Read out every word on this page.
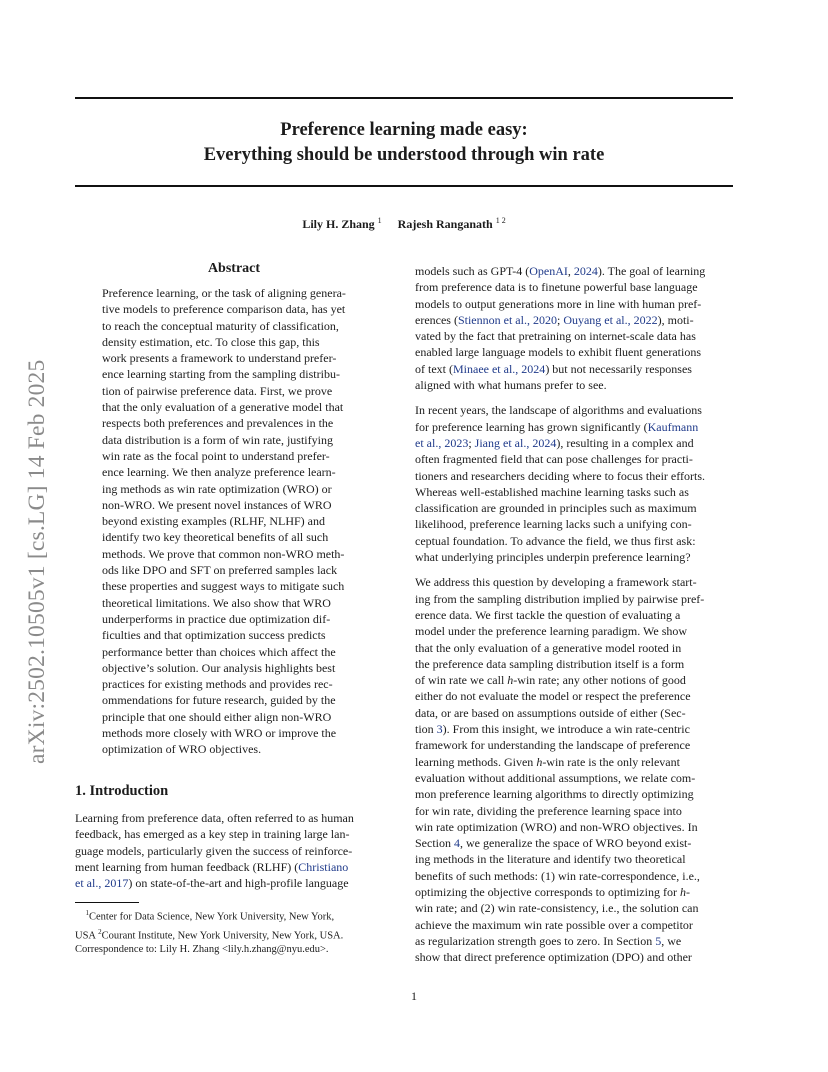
arXiv:2502.10505v1 [cs.LG] 14 Feb 2025
Preference learning made easy:
Everything should be understood through win rate
Lily H. Zhang $^1$ Rajesh Ranganath $^{1 2}$
Abstract
Preference learning, or the task of aligning genera-
tive models to preference comparison data, has yet
to reach the conceptual maturity of classification,
density estimation, etc. To close this gap, this
work presents a framework to understand prefer-
ence learning starting from the sampling distribu-
tion of pairwise preference data. First, we prove
that the only evaluation of a generative model that
respects both preferences and prevalences in the
data distribution is a form of win rate, justifying
win rate as the focal point to understand prefer-
ence learning. We then analyze preference learn-
ing methods as win rate optimization (WRO) or
non-WRO. We present novel instances of WRO
beyond existing examples (RLHF, NLHF) and
identify two key theoretical benefits of all such
methods. We prove that common non-WRO meth-
ods like DPO and SFT on preferred samples lack
these properties and suggest ways to mitigate such
theoretical limitations. We also show that WRO
underperforms in practice due optimization dif-
ficulties and that optimization success predicts
performance better than choices which affect the
objective’s solution. Our analysis highlights best
practices for existing methods and provides rec-
ommendations for future research, guided by the
principle that one should either align non-WRO
methods more closely with WRO or improve the
optimization of WRO objectives.
1. Introduction
Learning from preference data, often referred to as human
feedback, has emerged as a key step in training large lan-
guage models, particularly given the success of reinforce-
ment learning from human feedback (RLHF) (Christiano
et al., 2017) on state-of-the-art and high-profile language
 $^1$Center for Data Science, New York University, New York,
USA $^2$Courant Institute, New York University, New York, USA.
Correspondence to: Lily H. Zhang <lily.h.zhang@nyu.edu>.
models such as GPT-4 (OpenAI, 2024). The goal of learning
from preference data is to finetune powerful base language
models to output generations more in line with human pref-
erences (Stiennon et al., 2020; Ouyang et al., 2022), moti-
vated by the fact that pretraining on internet-scale data has
enabled large language models to exhibit fluent generations
of text (Minaee et al., 2024) but not necessarily responses
aligned with what humans prefer to see.
In recent years, the landscape of algorithms and evaluations
for preference learning has grown significantly (Kaufmann
et al., 2023; Jiang et al., 2024), resulting in a complex and
often fragmented field that can pose challenges for practi-
tioners and researchers deciding where to focus their efforts.
Whereas well-established machine learning tasks such as
classification are grounded in principles such as maximum
likelihood, preference learning lacks such a unifying con-
ceptual foundation. To advance the field, we thus first ask:
what underlying principles underpin preference learning?
We address this question by developing a framework start-
ing from the sampling distribution implied by pairwise pref-
erence data. We first tackle the question of evaluating a
model under the preference learning paradigm. We show
that the only evaluation of a generative model rooted in
the preference data sampling distribution itself is a form
of win rate we call h-win rate; any other notions of good
either do not evaluate the model or respect the preference
data, or are based on assumptions outside of either (Sec-
tion 3). From this insight, we introduce a win rate-centric
framework for understanding the landscape of preference
learning methods. Given h-win rate is the only relevant
evaluation without additional assumptions, we relate com-
mon preference learning algorithms to directly optimizing
for win rate, dividing the preference learning space into
win rate optimization (WRO) and non-WRO objectives. In
Section 4, we generalize the space of WRO beyond exist-
ing methods in the literature and identify two theoretical
benefits of such methods: (1) win rate-correspondence, i.e.,
optimizing the objective corresponds to optimizing for h-
win rate; and (2) win rate-consistency, i.e., the solution can
achieve the maximum win rate possible over a competitor
as regularization strength goes to zero. In Section 5, we
show that direct preference optimization (DPO) and other
1
